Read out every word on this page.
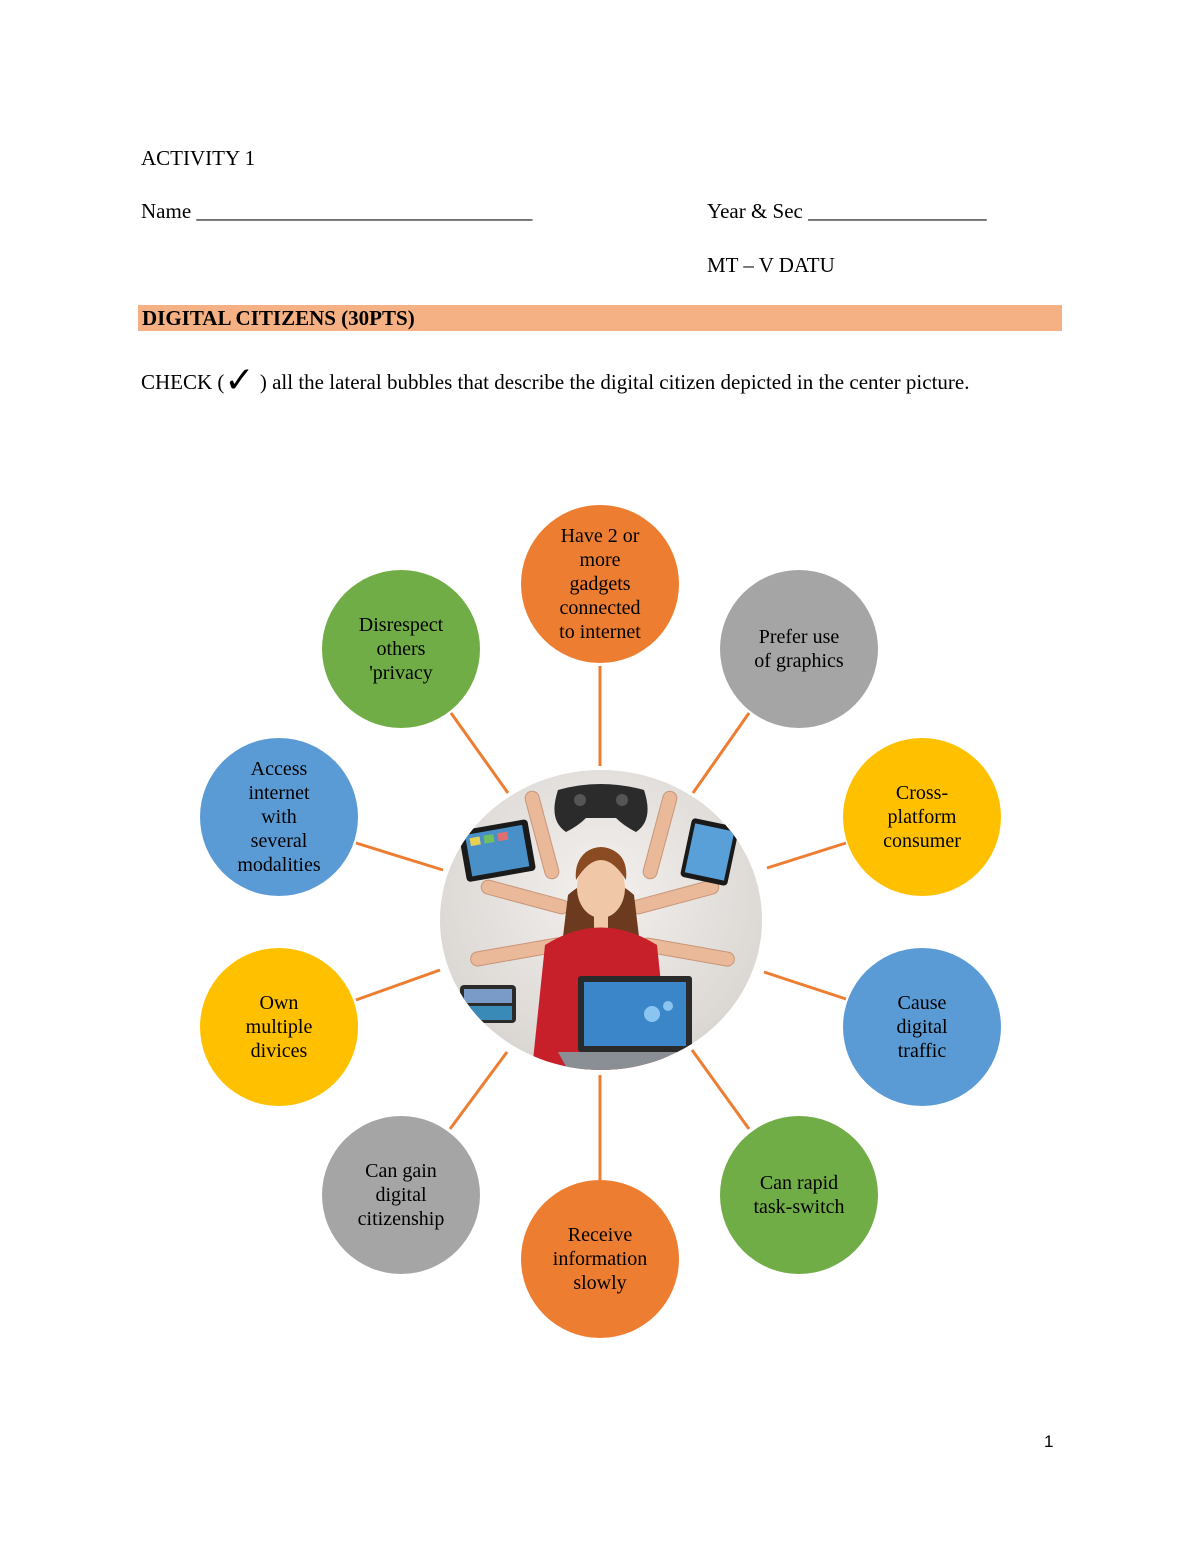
ACTIVITY 1
Name ________________________________	Year & Sec _________________
MT – V DATU
DIGITAL CITIZENS (30PTS)
CHECK (✓ ) all the lateral bubbles that describe the digital citizen depicted in the center picture.
Have 2 or
more
gadgets
connected
to internet	Prefer use
of graphics
Cross-
platform
consumer
Cause
digital
traffic
Can rapid
task-switch
Receive
information
slowly
Can gain
digital
citizenship
Own
multiple
divices
Access
internet
with
several
modalities
Disrespect
others
'privacy
1
